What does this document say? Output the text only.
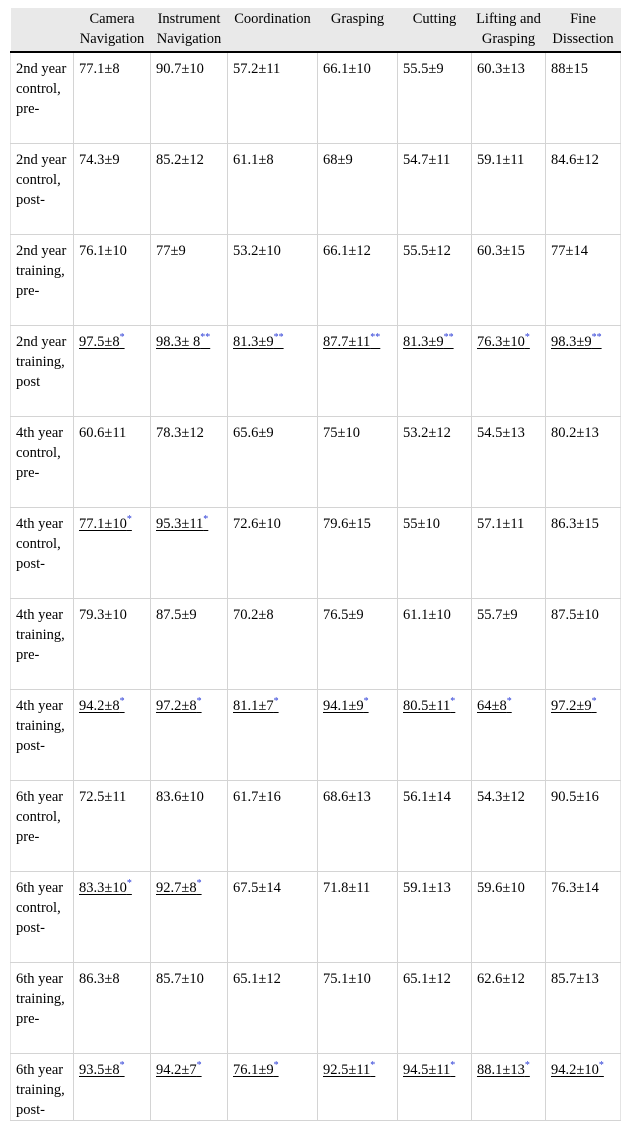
	Camera Navigation	Instrument Navigation	Coordination	Grasping	Cutting	Lifting and Grasping	Fine Dissection
2nd year control, pre-	77.1±8	90.7±10	57.2±11	66.1±10	55.5±9	60.3±13	88±15
2nd year control, post-	74.3±9	85.2±12	61.1±8	68±9	54.7±11	59.1±11	84.6±12
2nd year training, pre-	76.1±10	77±9	53.2±10	66.1±12	55.5±12	60.3±15	77±14
2nd year training, post	97.5±8*	98.3± 8**	81.3±9**	87.7±11**	81.3±9**	76.3±10*	98.3±9**
4th year control, pre-	60.6±11	78.3±12	65.6±9	75±10	53.2±12	54.5±13	80.2±13
4th year control, post-	77.1±10*	95.3±11*	72.6±10	79.6±15	55±10	57.1±11	86.3±15
4th year training, pre-	79.3±10	87.5±9	70.2±8	76.5±9	61.1±10	55.7±9	87.5±10
4th year training, post-	94.2±8*	97.2±8*	81.1±7*	94.1±9*	80.5±11*	64±8*	97.2±9*
6th year control, pre-	72.5±11	83.6±10	61.7±16	68.6±13	56.1±14	54.3±12	90.5±16
6th year control, post-	83.3±10*	92.7±8*	67.5±14	71.8±11	59.1±13	59.6±10	76.3±14
6th year training, pre-	86.3±8	85.7±10	65.1±12	75.1±10	65.1±12	62.6±12	85.7±13
6th year training, post-	93.5±8*	94.2±7*	76.1±9*	92.5±11*	94.5±11*	88.1±13*	94.2±10*
